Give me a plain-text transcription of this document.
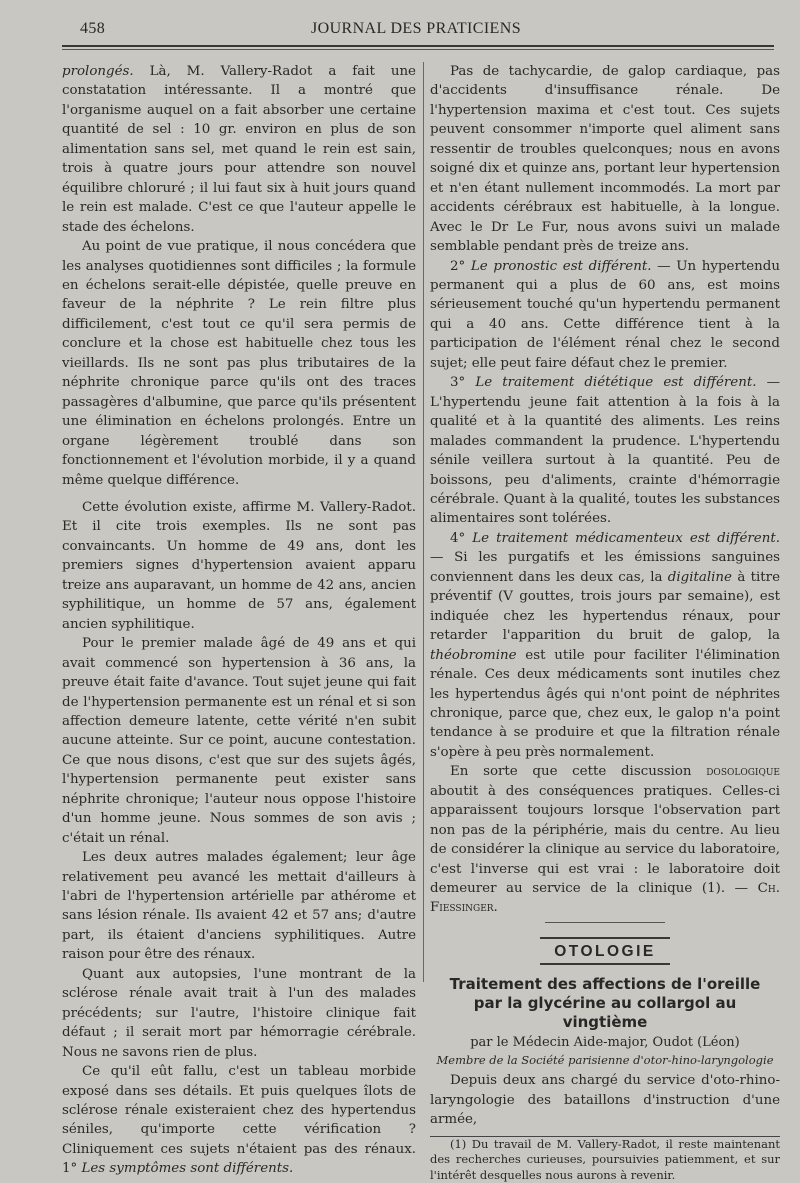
458	JOURNAL DES PRATICIENS

prolongés. Là, M. Vallery-Radot a fait une constatation intéressante. Il a montré que l'organisme auquel on a fait absorber une certaine quantité de sel : 10 gr. environ en plus de son alimentation sans sel, met quand le rein est sain, trois à quatre jours pour attendre son nouvel équilibre chloruré ; il lui faut six à huit jours quand le rein est malade. C'est ce que l'auteur appelle le stade des échelons.

Au point de vue pratique, il nous concédera que les analyses quotidiennes sont difficiles ; la formule en échelons serait-elle dépistée, quelle preuve en faveur de la néphrite ? Le rein filtre plus difficilement, c'est tout ce qu'il sera permis de conclure et la chose est habituelle chez tous les vieillards. Ils ne sont pas plus tributaires de la néphrite chronique parce qu'ils ont des traces passagères d'albumine, que parce qu'ils présentent une élimination en échelons prolongés. Entre un organe légèrement troublé dans son fonctionnement et l'évolution morbide, il y a quand même quelque différence.

Cette évolution existe, affirme M. Vallery-Radot. Et il cite trois exemples. Ils ne sont pas convaincants. Un homme de 49 ans, dont les premiers signes d'hypertension avaient apparu treize ans auparavant, un homme de 42 ans, ancien syphilitique, un homme de 57 ans, également ancien syphilitique.

Pour le premier malade âgé de 49 ans et qui avait commencé son hypertension à 36 ans, la preuve était faite d'avance. Tout sujet jeune qui fait de l'hypertension permanente est un rénal et si son affection demeure latente, cette vérité n'en subit aucune atteinte. Sur ce point, aucune contestation. Ce que nous disons, c'est que sur des sujets âgés, l'hypertension permanente peut exister sans néphrite chronique; l'auteur nous oppose l'histoire d'un homme jeune. Nous sommes de son avis ; c'était un rénal.

Les deux autres malades également; leur âge relativement peu avancé les mettait d'ailleurs à l'abri de l'hypertension artérielle par athérome et sans lésion rénale. Ils avaient 42 et 57 ans; d'autre part, ils étaient d'anciens syphilitiques. Autre raison pour être des rénaux.

Quant aux autopsies, l'une montrant de la sclérose rénale avait trait à l'un des malades précédents; sur l'autre, l'histoire clinique fait défaut ; il serait mort par hémorragie cérébrale. Nous ne savons rien de plus.

Ce qu'il eût fallu, c'est un tableau morbide exposé dans ses détails. Et puis quelques îlots de sclérose rénale existeraient chez des hypertendus séniles, qu'importe cette vérification ? Cliniquement ces sujets n'étaient pas des rénaux. 1° Les symptômes sont différents.

Pas de tachycardie, de galop cardiaque, pas d'accidents d'insuffisance rénale. De l'hypertension maxima et c'est tout. Ces sujets peuvent consommer n'importe quel aliment sans ressentir de troubles quelconques; nous en avons soigné dix et quinze ans, portant leur hypertension et n'en étant nullement incommodés. La mort par accidents cérébraux est habituelle, à la longue. Avec le Dr Le Fur, nous avons suivi un malade semblable pendant près de treize ans.

2° Le pronostic est différent. — Un hypertendu permanent qui a plus de 60 ans, est moins sérieusement touché qu'un hypertendu permanent qui a 40 ans. Cette différence tient à la participation de l'élément rénal chez le second sujet; elle peut faire défaut chez le premier.

3° Le traitement diététique est différent. — L'hypertendu jeune fait attention à la fois à la qualité et à la quantité des aliments. Les reins malades commandent la prudence. L'hypertendu sénile veillera surtout à la quantité. Peu de boissons, peu d'aliments, crainte d'hémorragie cérébrale. Quant à la qualité, toutes les substances alimentaires sont tolérées.

4° Le traitement médicamenteux est différent. — Si les purgatifs et les émissions sanguines conviennent dans les deux cas, la digitaline à titre préventif (V gouttes, trois jours par semaine), est indiquée chez les hypertendus rénaux, pour retarder l'apparition du bruit de galop, la théobromine est utile pour faciliter l'élimination rénale. Ces deux médicaments sont inutiles chez les hypertendus âgés qui n'ont point de néphrites chronique, parce que, chez eux, le galop n'a point tendance à se produire et que la filtration rénale s'opère à peu près normalement.

En sorte que cette discussion dosologique aboutit à des conséquences pratiques. Celles-ci apparaissent toujours lorsque l'observation part non pas de la périphérie, mais du centre. Au lieu de considérer la clinique au service du laboratoire, c'est l'inverse qui est vrai : le laboratoire doit demeurer au service de la clinique (1). — Ch. Fiessinger.

OTOLOGIE
Traitement des affections de l'oreille
par la glycérine au collargol au vingtième
par le Médecin Aide-major, Oudot (Léon)
Membre de la Société parisienne d'otor-hino-laryngologie

Depuis deux ans chargé du service d'oto-rhino-laryngologie des bataillons d'instruction d'une armée,

(1) Du travail de M. Vallery-Radot, il reste maintenant des recherches curieuses, poursuivies patiemment, et sur l'intérêt desquelles nous aurons à revenir.
